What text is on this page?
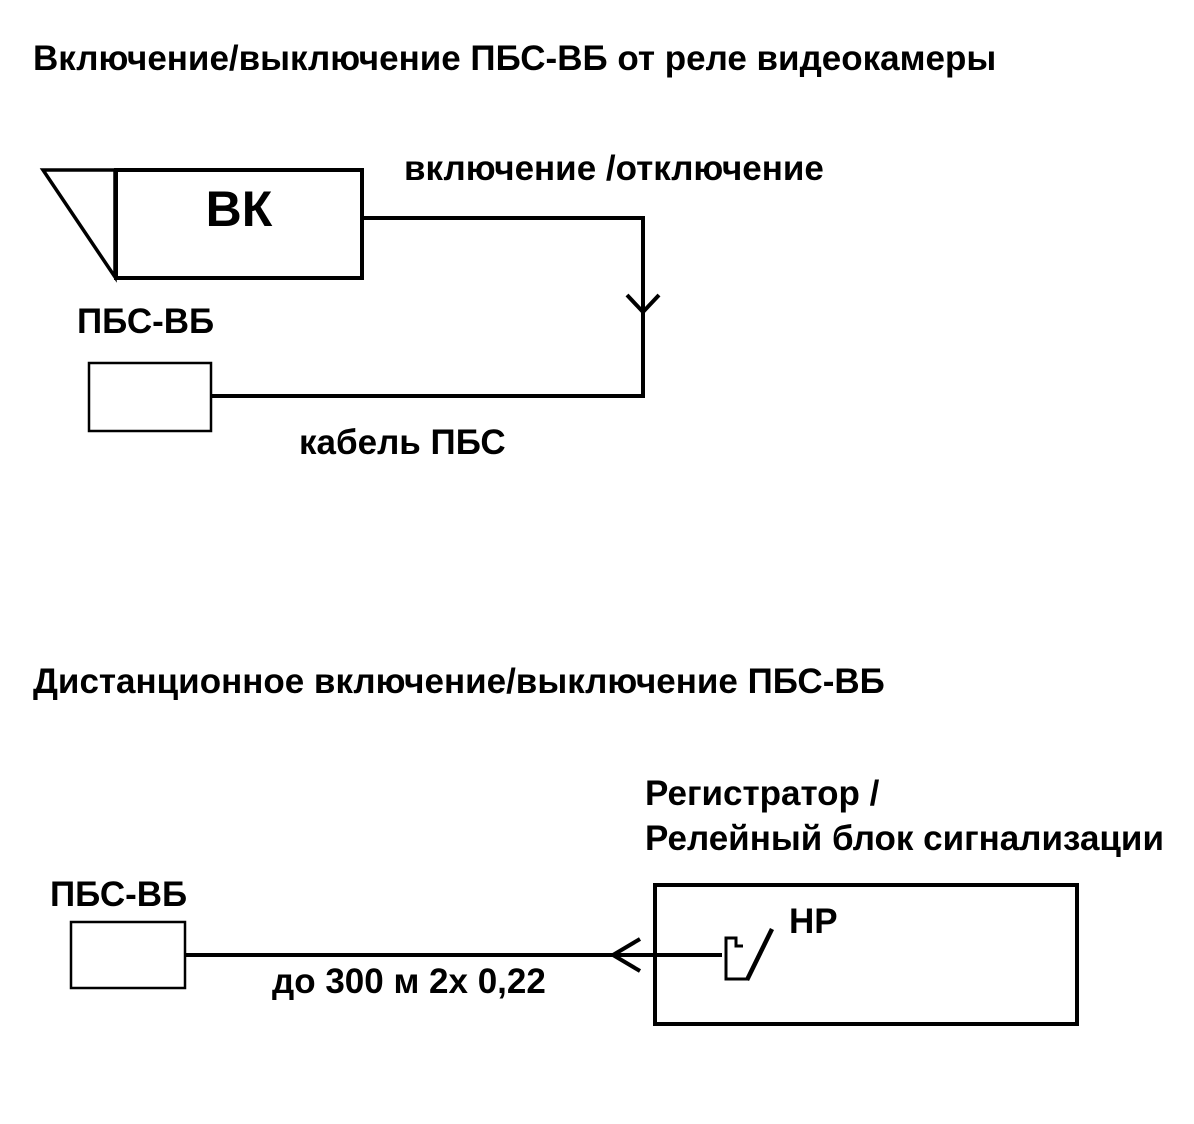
Включение/выключение ПБС-ВБ от реле видеокамеры
ВК
включение /отключение
ПБС-ВБ
кабель ПБС
Дистанционное включение/выключение ПБС-ВБ
Регистратор /
Релейный блок сигнализации
ПБС-ВБ
НР
до 300 м 2х 0,22
